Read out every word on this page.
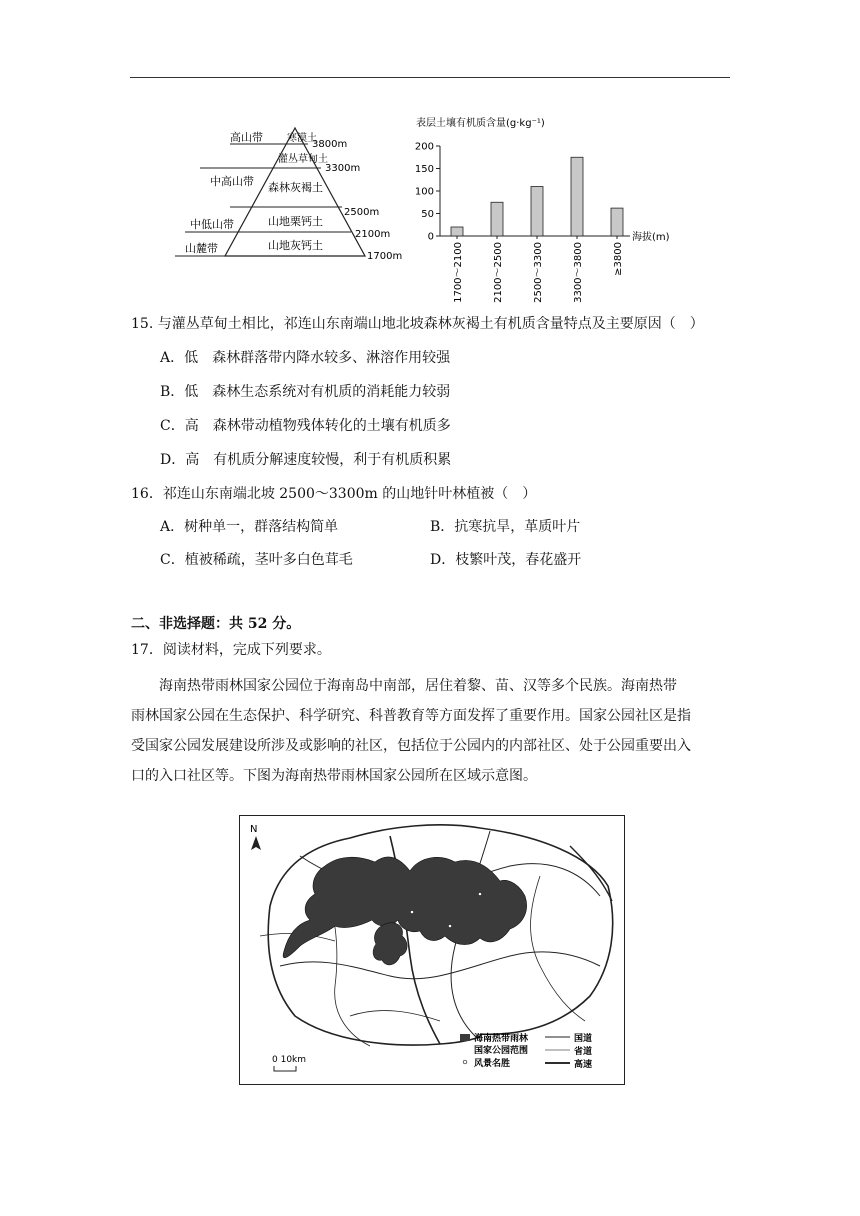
高山带
中高山带
中低山带
山麓带
寒漠土
灌丛草甸土
森林灰褐土
山地栗钙土
山地灰钙土
3800m
3300m
2500m
2100m
1700m
表层土壤有机质含量(g·kg⁻¹)
海拔(m)
0
50
100
150
200
1700～2100	2100～2500	2500～3300	3300～3800	≥3800
15. 与灌丛草甸土相比，祁连山东南端山地北坡森林灰褐土有机质含量特点及主要原因（　）
A．低　森林群落带内降水较多、淋溶作用较强
B．低　森林生态系统对有机质的消耗能力较弱
C．高　森林带动植物残体转化的土壤有机质多
D．高　有机质分解速度较慢，利于有机质积累
16．祁连山东南端北坡 2500～3300m 的山地针叶林植被（　）
A．树种单一，群落结构简单	B．抗寒抗旱，革质叶片
C．植被稀疏，茎叶多白色茸毛	D．枝繁叶茂，春花盛开
二、非选择题：共 52 分。
17．阅读材料，完成下列要求。
海南热带雨林国家公园位于海南岛中南部，居住着黎、苗、汉等多个民族。海南热带
雨林国家公园在生态保护、科学研究、科普教育等方面发挥了重要作用。国家公园社区是指
受国家公园发展建设所涉及或影响的社区，包括位于公园内的内部社区、处于公园重要出入
口的入口社区等。下图为海南热带雨林国家公园所在区域示意图。
N
海南热带雨林
国家公园范围
风景名胜
国道
省道
高速
0 10km
